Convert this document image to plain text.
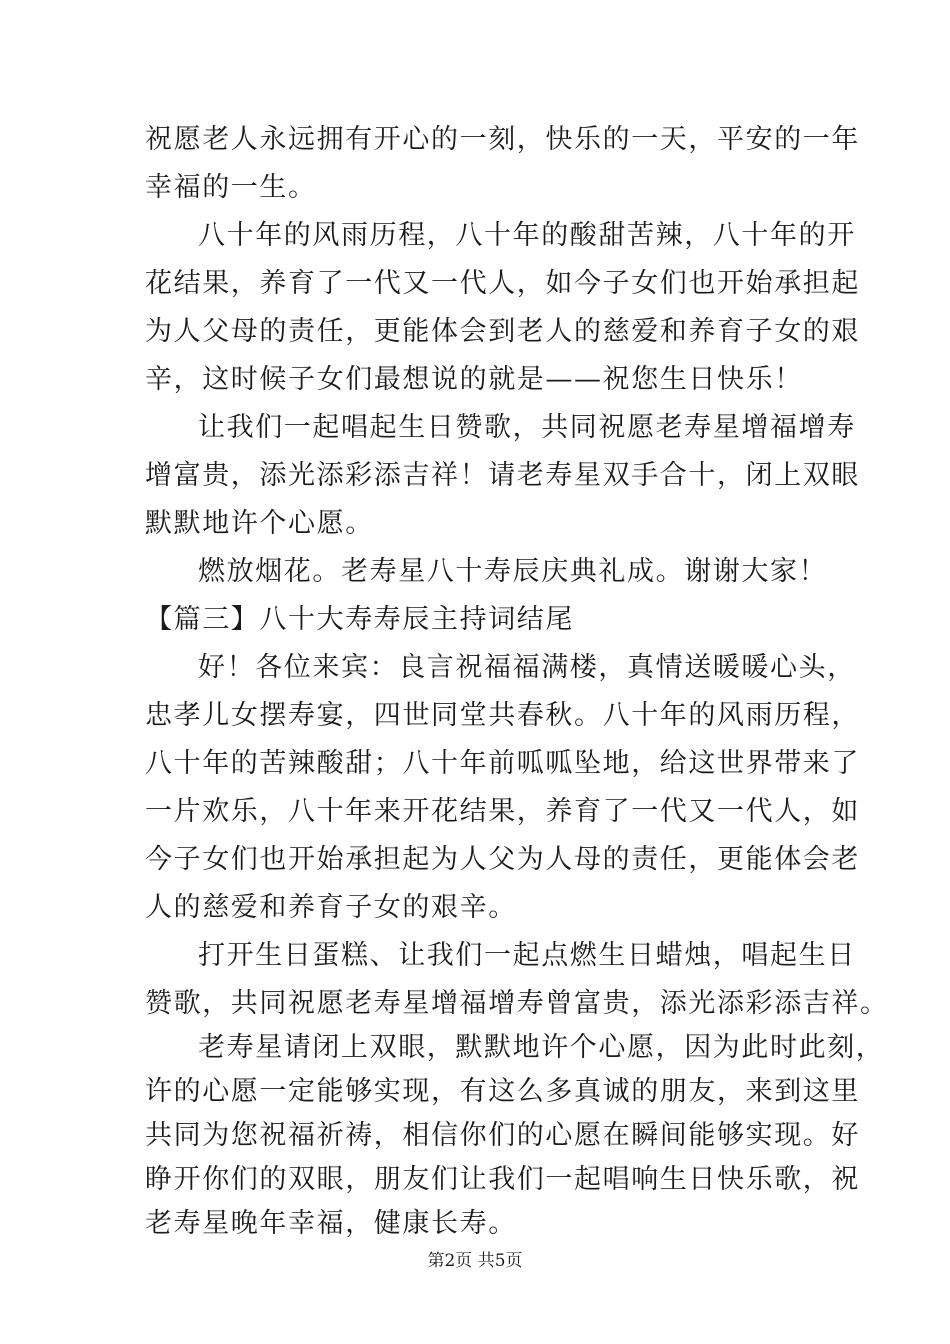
祝愿老人永远拥有开心的一刻，快乐的一天，平安的一年
幸福的一生。
八十年的风雨历程，八十年的酸甜苦辣，八十年的开
花结果，养育了一代又一代人，如今子女们也开始承担起
为人父母的责任，更能体会到老人的慈爱和养育子女的艰
辛，这时候子女们最想说的就是——祝您生日快乐！
让我们一起唱起生日赞歌，共同祝愿老寿星增福增寿
增富贵，添光添彩添吉祥！请老寿星双手合十，闭上双眼
默默地许个心愿。
燃放烟花。老寿星八十寿辰庆典礼成。谢谢大家！
【篇三】八十大寿寿辰主持词结尾
好！各位来宾：良言祝福福满楼，真情送暖暖心头，
忠孝儿女摆寿宴，四世同堂共春秋。八十年的风雨历程，
八十年的苦辣酸甜；八十年前呱呱坠地，给这世界带来了
一片欢乐，八十年来开花结果，养育了一代又一代人，如
今子女们也开始承担起为人父为人母的责任，更能体会老
人的慈爱和养育子女的艰辛。
打开生日蛋糕、让我们一起点燃生日蜡烛，唱起生日
赞歌，共同祝愿老寿星增福增寿曾富贵，添光添彩添吉祥。
老寿星请闭上双眼，默默地许个心愿，因为此时此刻，
许的心愿一定能够实现，有这么多真诚的朋友，来到这里
共同为您祝福祈祷，相信你们的心愿在瞬间能够实现。好
睁开你们的双眼，朋友们让我们一起唱响生日快乐歌，祝
第2页 共5页
老寿星晚年幸福，健康长寿。
